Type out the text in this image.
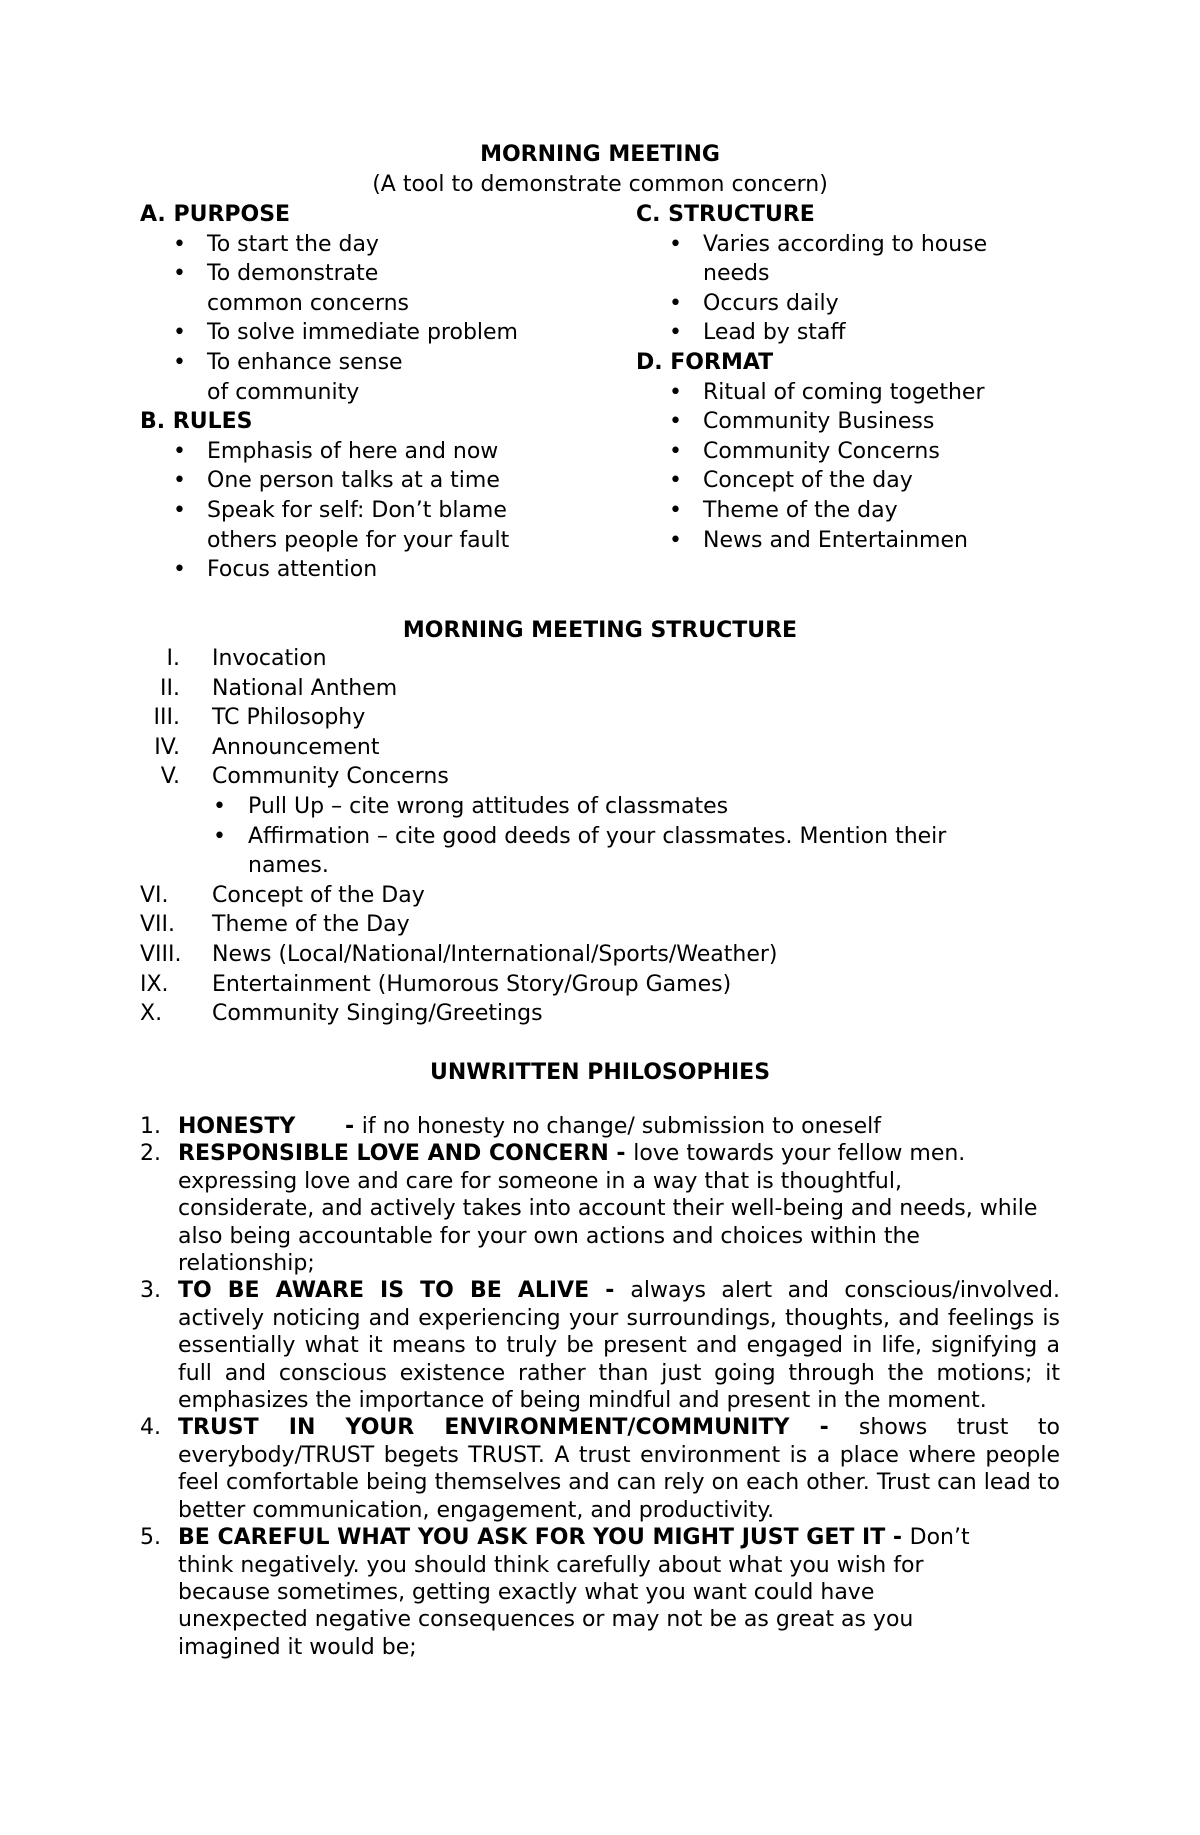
MORNING MEETING
(A tool to demonstrate common concern)
A. PURPOSE
• To start the day
• To demonstrate common concerns
• To solve immediate problem
• To enhance sense of community
B. RULES
• Emphasis of here and now
• One person talks at a time
• Speak for self: Don’t blame others people for your fault
• Focus attention
C. STRUCTURE
• Varies according to house needs
• Occurs daily
• Lead by staff
D. FORMAT
• Ritual of coming together
• Community Business
• Community Concerns
• Concept of the day
• Theme of the day
• News and Entertainmen
MORNING MEETING STRUCTURE
I. Invocation
II. National Anthem
III. TC Philosophy
IV. Announcement
V. Community Concerns
• Pull Up – cite wrong attitudes of classmates
• Affirmation – cite good deeds of your classmates. Mention their names.
VI. Concept of the Day
VII. Theme of the Day
VIII. News (Local/National/International/Sports/Weather)
IX. Entertainment (Humorous Story/Group Games)
X. Community Singing/Greetings
UNWRITTEN PHILOSOPHIES
1. HONESTY       - if no honesty no change/ submission to oneself
2. RESPONSIBLE LOVE AND CONCERN - love towards your fellow men. expressing love and care for someone in a way that is thoughtful, considerate, and actively takes into account their well-being and needs, while also being accountable for your own actions and choices within the relationship;
3. TO BE AWARE IS TO BE ALIVE - always alert and conscious/involved. actively noticing and experiencing your surroundings, thoughts, and feelings is essentially what it means to truly be present and engaged in life, signifying a full and conscious existence rather than just going through the motions; it emphasizes the importance of being mindful and present in the moment.
4. TRUST IN YOUR ENVIRONMENT/COMMUNITY - shows trust to everybody/TRUST begets TRUST. A trust environment is a place where people feel comfortable being themselves and can rely on each other. Trust can lead to better communication, engagement, and productivity.
5. BE CAREFUL WHAT YOU ASK FOR YOU MIGHT JUST GET IT - Don’t think negatively. you should think carefully about what you wish for because sometimes, getting exactly what you want could have unexpected negative consequences or may not be as great as you imagined it would be;
